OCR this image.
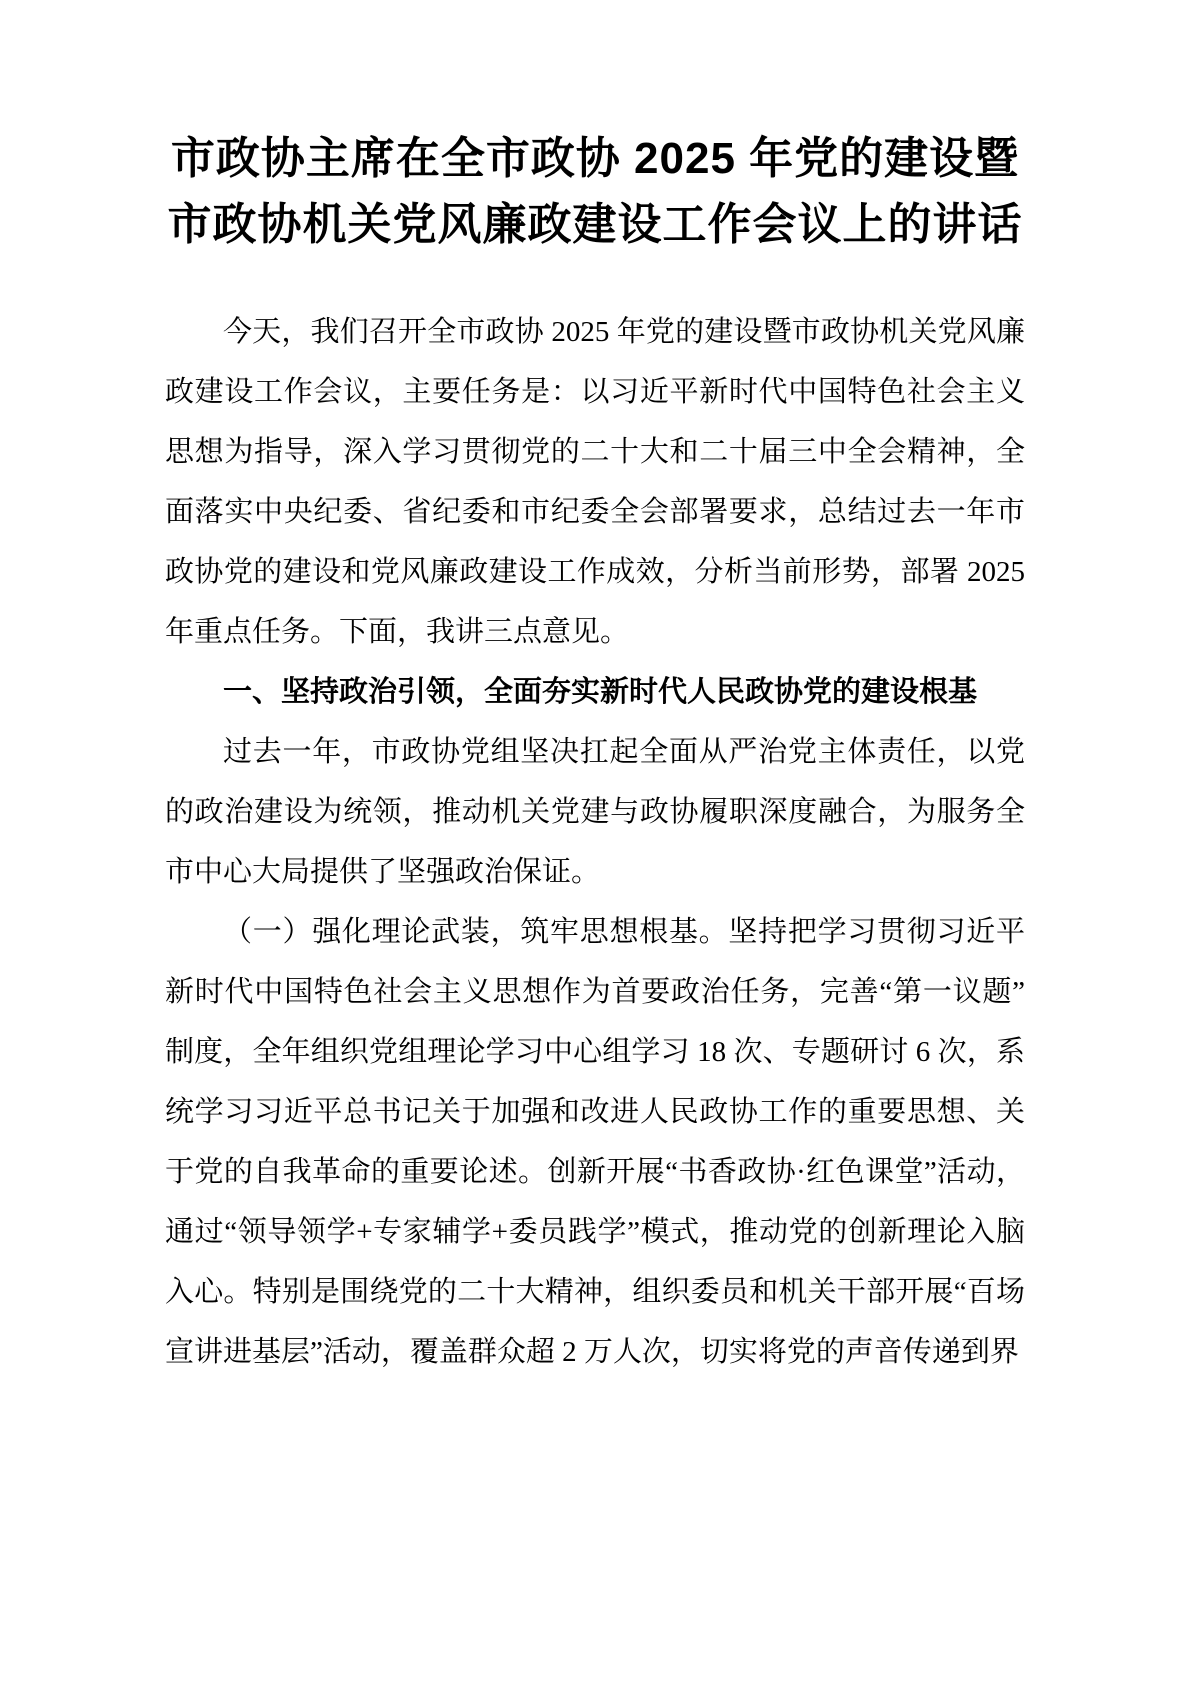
市政协主席在全市政协 2025 年党的建设暨市政协机关党风廉政建设工作会议上的讲话

今天，我们召开全市政协 2025 年党的建设暨市政协机关党风廉政建设工作会议，主要任务是：以习近平新时代中国特色社会主义思想为指导，深入学习贯彻党的二十大和二十届三中全会精神，全面落实中央纪委、省纪委和市纪委全会部署要求，总结过去一年市政协党的建设和党风廉政建设工作成效，分析当前形势，部署 2025 年重点任务。下面，我讲三点意见。

一、坚持政治引领，全面夯实新时代人民政协党的建设根基

过去一年，市政协党组坚决扛起全面从严治党主体责任，以党的政治建设为统领，推动机关党建与政协履职深度融合，为服务全市中心大局提供了坚强政治保证。

（一）强化理论武装，筑牢思想根基。坚持把学习贯彻习近平新时代中国特色社会主义思想作为首要政治任务，完善“第一议题”制度，全年组织党组理论学习中心组学习 18 次、专题研讨 6 次，系统学习习近平总书记关于加强和改进人民政协工作的重要思想、关于党的自我革命的重要论述。创新开展“书香政协·红色课堂”活动，通过“领导领学+专家辅学+委员践学”模式，推动党的创新理论入脑入心。特别是围绕党的二十大精神，组织委员和机关干部开展“百场宣讲进基层”活动，覆盖群众超 2 万人次，切实将党的声音传递到界
